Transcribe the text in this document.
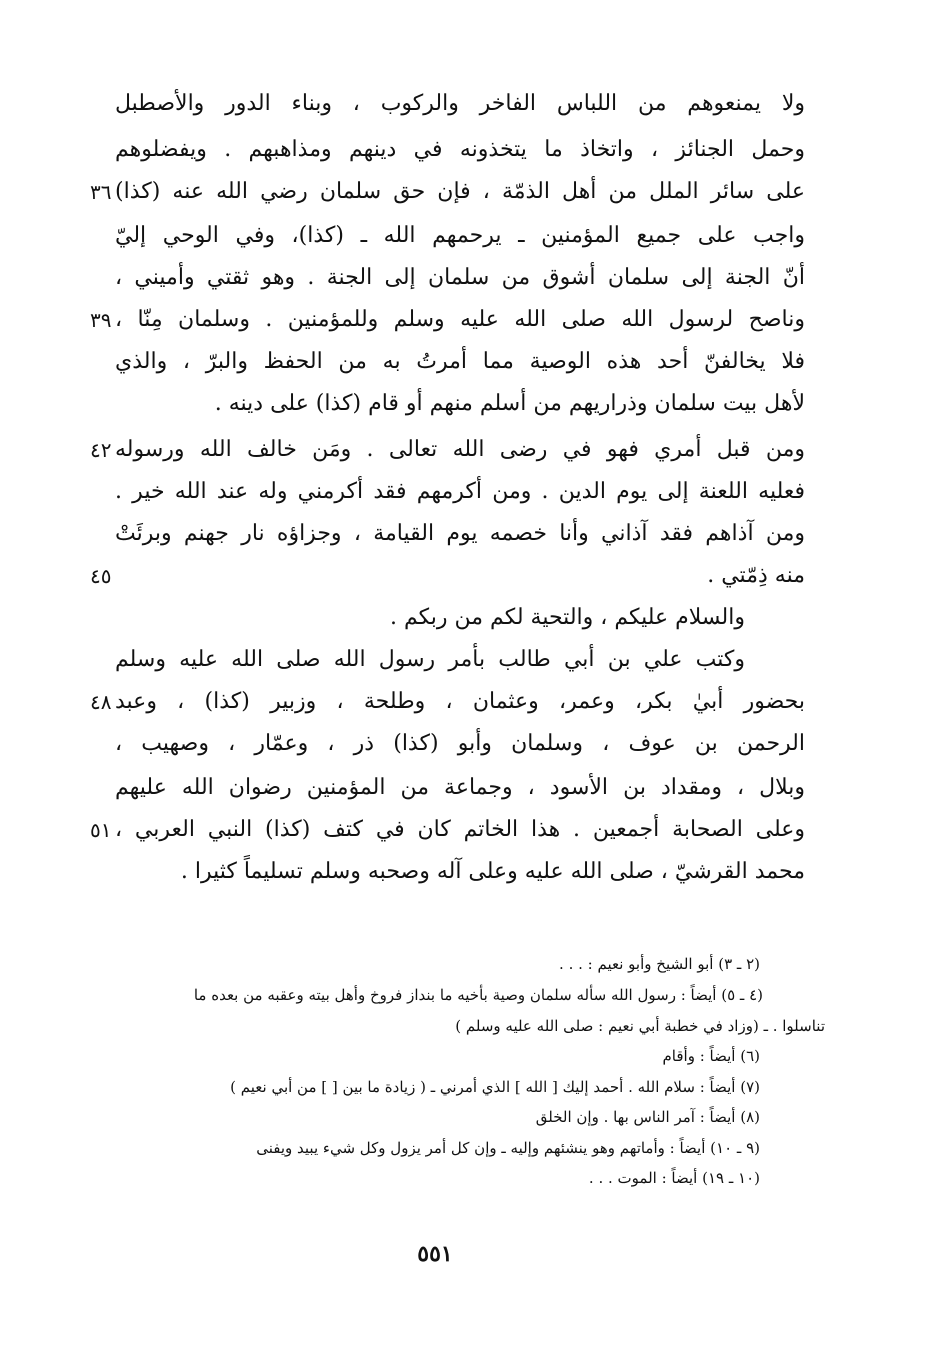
ولا يمنعوهم من اللباس الفاخر والركوب ، وبناء الدور والأصطبل
وحمل الجنائز ، واتخاذ ما يتخذونه في دينهم ومذاهبهم . ويفضلوهم
على سائر الملل من أهل الذمّة ، فإن حق سلمان رضي الله عنه (كذا)
واجب على جميع المؤمنين ـ يرحمهم الله ـ (كذا)، وفي الوحي إليّ
أنّ الجنة إلى سلمان أشوق من سلمان إلى الجنة . وهو ثقتي وأميني ،
وناصح لرسول الله صلى الله عليه وسلم وللمؤمنين . وسلمان مِنّا ،
فلا يخالفنّ أحد هذه الوصية مما أمرتُ به من الحفظ والبرّ ، والذي
لأهل بيت سلمان وذراريهم من أسلم منهم أو قام (كذا) على دينه .
ومن قبل أمري فهو في رضى الله تعالى . ومَن خالف الله ورسوله
فعليه اللعنة إلى يوم الدين . ومن أكرمهم فقد أكرمني وله عند الله خير .
ومن آذاهم فقد آذاني وأنا خصمه يوم القيامة ، وجزاؤه نار جهنم وبرئَتْ
منه ذِمّتي .
والسلام عليكم ، والتحية لكم من ربكم .
وكتب علي بن أبي طالب بأمر رسول الله صلى الله عليه وسلم
بحضور أبيٰ بكر، وعمر، وعثمان ، وطلحة ، وزبير (كذا) ، وعبد
الرحمن بن عوف ، وسلمان وأبو (كذا) ذر ، وعمّار ، وصهيب ،
وبلال ، ومقداد بن الأسود ، وجماعة من المؤمنين رضوان الله عليهم
وعلى الصحابة أجمعين . هذا الخاتم كان في كتف (كذا) النبي العربي ،
محمد القرشيّ ، صلى الله عليه وعلى آله وصحبه وسلم تسليماً كثيرا .
٣٦
٣٩
٤٢
٤٥
٤٨
٥١
(٢ ـ ٣) أبو الشيخ وأبو نعيم : . . .
(٤ ـ ٥) أيضاً : رسول الله سأله سلمان وصية بأخيه ما بنداز فروخ وأهل بيته وعقبه من بعده ما
تناسلوا . ـ (وزاد في خطبة أبي نعيم : صلى الله عليه وسلم )
(٦) أيضاً : وأقام
(٧) أيضاً : سلام الله . أحمد إليك [ الله ] الذي أمرني ـ ( زيادة ما بين [ ] من أبي نعيم )
(٨) أيضاً : آمر الناس بها . وإن الخلق
(٩ ـ ١٠) أيضاً : وأماتهم وهو ينشئهم وإليه ـ وإن كل أمر يزول وكل شيء يبيد ويفنى
(١٠ ـ ١٩) أيضاً : الموت . . .
٥٥١
